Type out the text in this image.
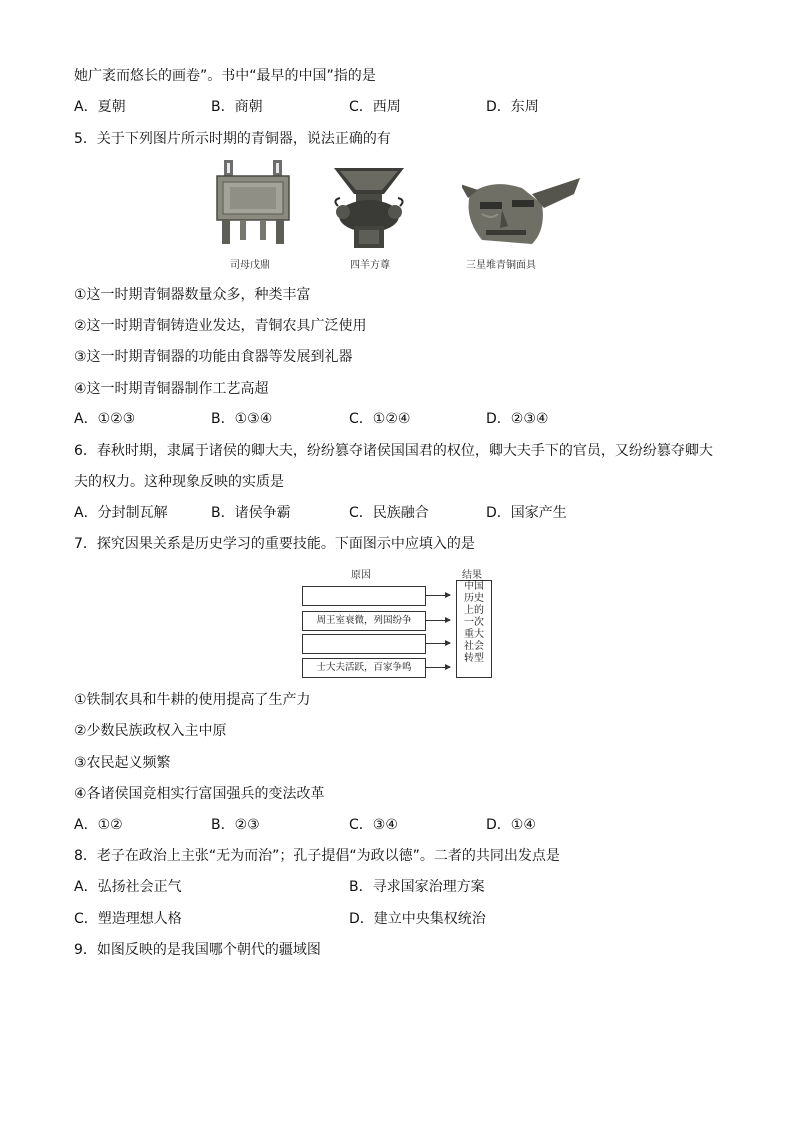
她广袤而悠长的画卷”。书中“最早的中国”指的是
A．夏朝	B．商朝	C．西周	D．东周
5．关于下列图片所示时期的青铜器，说法正确的有
司母戊鼎	四羊方尊	三星堆青铜面具
①这一时期青铜器数量众多，种类丰富
②这一时期青铜铸造业发达，青铜农具广泛使用
③这一时期青铜器的功能由食器等发展到礼器
④这一时期青铜器制作工艺高超
A．①②③	B．①③④	C．①②④	D．②③④
6．春秋时期，隶属于诸侯的卿大夫，纷纷篡夺诸侯国国君的权位，卿大夫手下的官员，又纷纷篡夺卿大
夫的权力。这种现象反映的实质是
A．分封制瓦解	B．诸侯争霸	C．民族融合	D．国家产生
7．探究因果关系是历史学习的重要技能。下面图示中应填入的是
原因	结果
周王室衰微，列国纷争
士大夫活跃，百家争鸣
中国
历史
上的
一次
重大
社会
转型
①铁制农具和牛耕的使用提高了生产力
②少数民族政权入主中原
③农民起义频繁
④各诸侯国竞相实行富国强兵的变法改革
A．①②	B．②③	C．③④	D．①④
8．老子在政治上主张“无为而治”；孔子提倡“为政以德”。二者的共同出发点是
A．弘扬社会正气	B．寻求国家治理方案
C．塑造理想人格	D．建立中央集权统治
9．如图反映的是我国哪个朝代的疆域图
